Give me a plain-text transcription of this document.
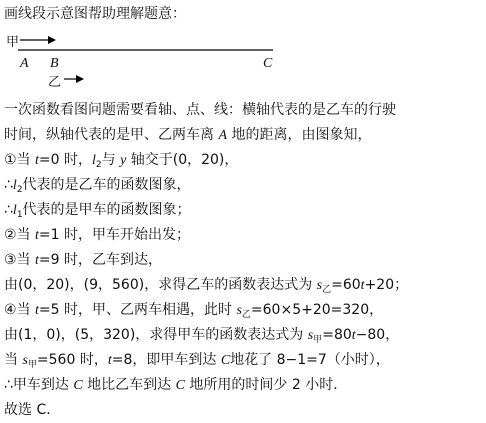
画线段示意图帮助理解题意：
甲
乙
A B	C
一次函数看图问题需要看轴、点、线：横轴代表的是乙车的行驶
时间，纵轴代表的是甲、乙两车离 A 地的距离，由图象知，
①当 t=0 时，$l_2$与 y 轴交于(0，20)，
$\therefore l_2$代表的是乙车的函数图象，
$\therefore l_1$代表的是甲车的函数图象；
②当 t=1 时，甲车开始出发；
③当 t=9 时，乙车到达，
由(0，20)，(9，560)，求得乙车的函数表达式为 $s_乙=60t+20$；
④当 t=5 时，甲、乙两车相遇，此时 $s_乙=60\times 5+20=320$，
由(1，0)，(5，320)，求得甲车的函数表达式为 $s_甲=80t-80$，
当 $s_甲=560$ 时，t=8，即甲车到达 C地花了 8−1=7（小时），
∴甲车到达 C 地比乙车到达 C 地所用的时间少 2 小时．
故选 C．
